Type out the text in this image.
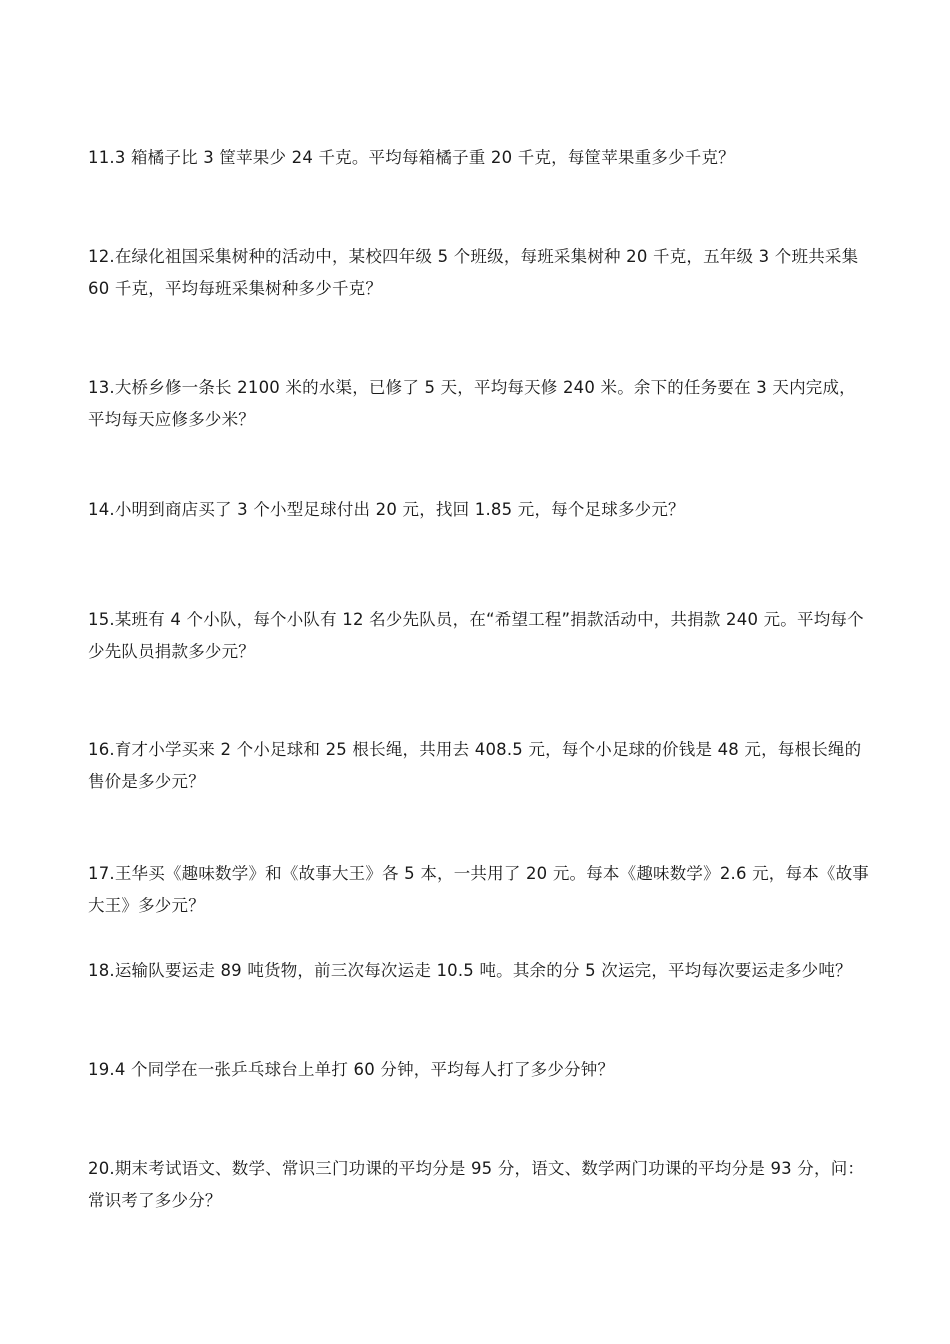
11.3 箱橘子比 3 筐苹果少 24 千克。平均每箱橘子重 20 千克，每筐苹果重多少千克？

12.在绿化祖国采集树种的活动中，某校四年级 5 个班级，每班采集树种 20 千克，五年级 3 个班共采集 60 千克，平均每班采集树种多少千克？

13.大桥乡修一条长 2100 米的水渠，已修了 5 天，平均每天修 240 米。余下的任务要在 3 天内完成，平均每天应修多少米？

14.小明到商店买了 3 个小型足球付出 20 元，找回 1.85 元，每个足球多少元？

15.某班有 4 个小队，每个小队有 12 名少先队员，在“希望工程”捐款活动中，共捐款 240 元。平均每个少先队员捐款多少元？

16.育才小学买来 2 个小足球和 25 根长绳，共用去 408.5 元，每个小足球的价钱是 48 元，每根长绳的售价是多少元？

17.王华买《趣味数学》和《故事大王》各 5 本，一共用了 20 元。每本《趣味数学》2.6 元，每本《故事大王》多少元？

18.运输队要运走 89 吨货物，前三次每次运走 10.5 吨。其余的分 5 次运完，平均每次要运走多少吨？

19.4 个同学在一张乒乓球台上单打 60 分钟，平均每人打了多少分钟？

20.期末考试语文、数学、常识三门功课的平均分是 95 分，语文、数学两门功课的平均分是 93 分，问：常识考了多少分？
